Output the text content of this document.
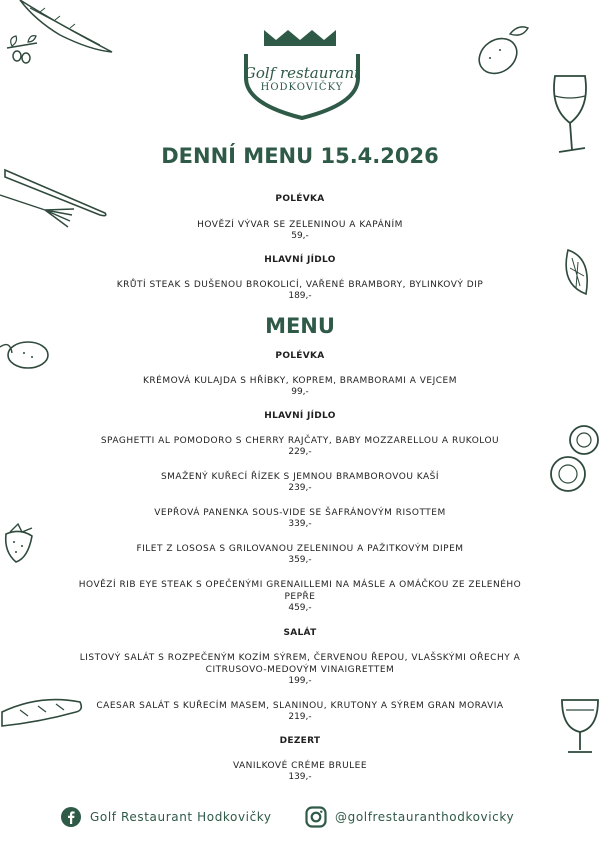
Golf restaurant
HODKOVIČKY
DENNÍ MENU 15.4.2026
POLÉVKA
HOVĚZÍ VÝVAR SE ZELENINOU A KAPÁNÍM
59,-
HLAVNÍ JÍDLO
KRŮTÍ STEAK S DUŠENOU BROKOLICÍ, VAŘENÉ BRAMBORY, BYLINKOVÝ DIP
189,-
MENU
POLÉVKA
KRÉMOVÁ KULAJDA S HŘÍBKY, KOPREM, BRAMBORAMI A VEJCEM
99,-
HLAVNÍ JÍDLO
SPAGHETTI AL POMODORO S CHERRY RAJČATY, BABY MOZZARELLOU A RUKOLOU
229,-
SMAŽENÝ KUŘECÍ ŘÍZEK S JEMNOU BRAMBOROVOU KAŠÍ
239,-
VEPŘOVÁ PANENKA SOUS-VIDE SE ŠAFRÁNOVÝM RISOTTEM
339,-
FILET Z LOSOSA S GRILOVANOU ZELENINOU A PAŽITKOVÝM DIPEM
359,-
HOVĚZÍ RIB EYE STEAK S OPEČENÝMI GRENAILLEMI NA MÁSLE A OMÁČKOU ZE ZELENÉHO
PEPŘE
459,-
SALÁT
LISTOVÝ SALÁT S ROZPEČENÝM KOZÍM SÝREM, ČERVENOU ŘEPOU, VLAŠSKÝMI OŘECHY A
CITRUSOVO-MEDOVÝM VINAIGRETTEM
199,-
CAESAR SALÁT S KUŘECÍM MASEM, SLANINOU, KRUTONY A SÝREM GRAN MORAVIA
219,-
DEZERT
VANILKOVÉ CRÉME BRULEE
139,-
Golf Restaurant Hodkovičky	@golfrestauranthodkovicky
